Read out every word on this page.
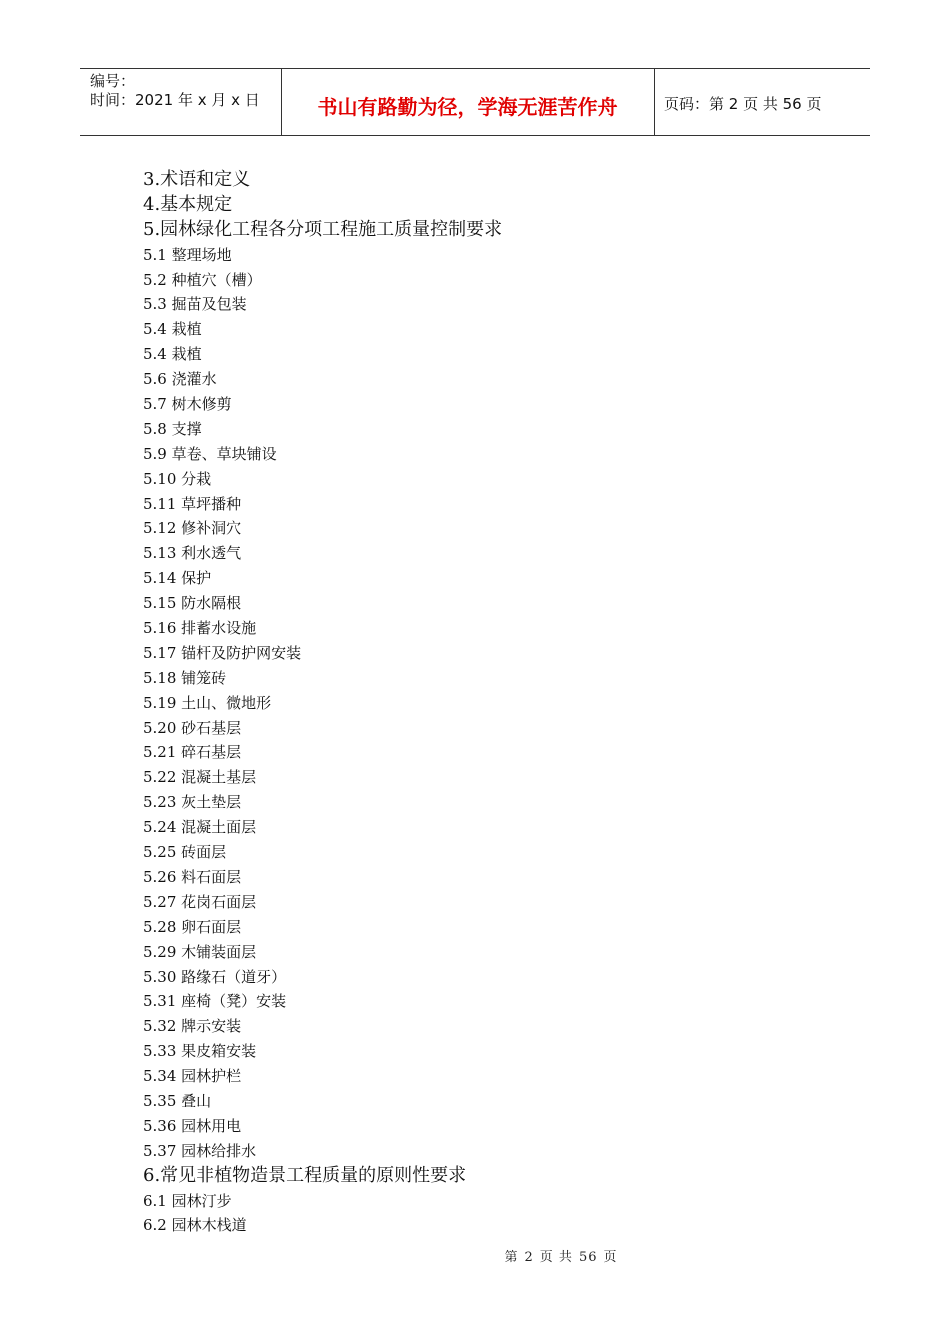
编号：
时间：2021 年 x 月 x 日	书山有路勤为径，学海无涯苦作舟	页码：第 2 页 共 56 页
3.术语和定义
4.基本规定
5.园林绿化工程各分项工程施工质量控制要求
5.1 整理场地
5.2 种植穴（槽）
5.3 掘苗及包装
5.4 栽植
5.4 栽植
5.6 浇灌水
5.7 树木修剪
5.8 支撑
5.9 草卷、草块铺设
5.10 分栽
5.11 草坪播种
5.12 修补洞穴
5.13 利水透气
5.14 保护
5.15 防水隔根
5.16 排蓄水设施
5.17 锚杆及防护网安装
5.18 铺笼砖
5.19 土山、微地形
5.20 砂石基层
5.21 碎石基层
5.22 混凝土基层
5.23 灰土垫层
5.24 混凝土面层
5.25 砖面层
5.26 料石面层
5.27 花岗石面层
5.28 卵石面层
5.29 木铺装面层
5.30 路缘石（道牙）
5.31 座椅（凳）安装
5.32 牌示安装
5.33 果皮箱安装
5.34 园林护栏
5.35 叠山
5.36 园林用电
5.37 园林给排水
6.常见非植物造景工程质量的原则性要求
6.1 园林汀步
6.2 园林木栈道
第 2 页 共 56 页
